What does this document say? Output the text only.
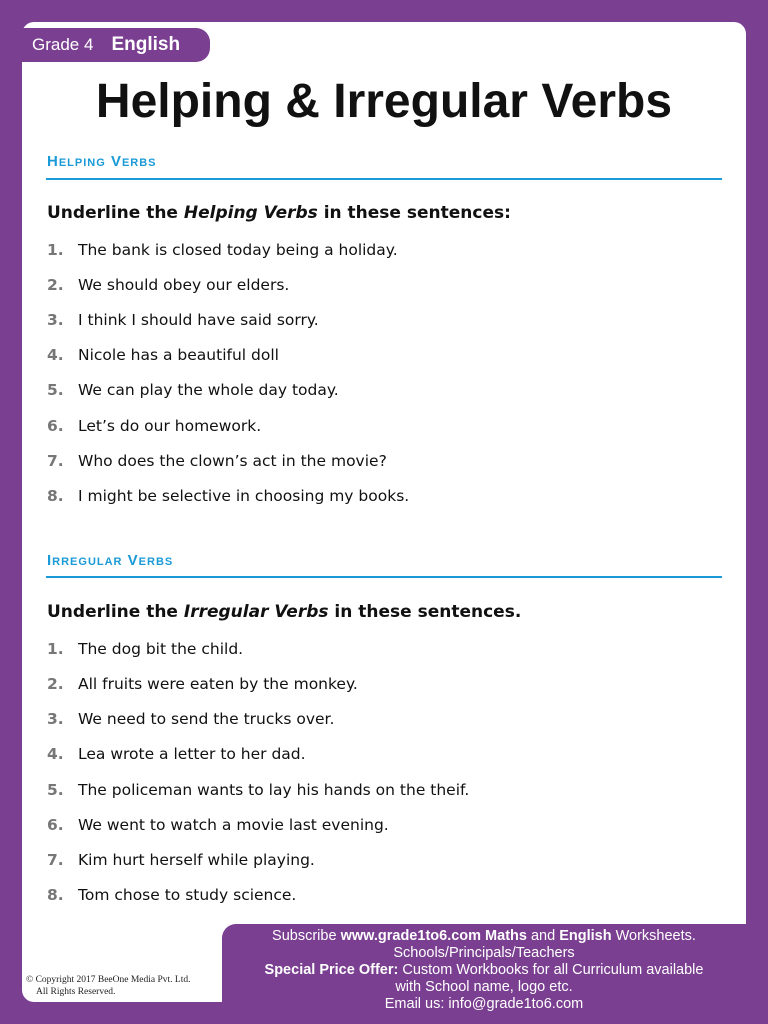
Grade 4 English
Helping & Irregular Verbs
Helping Verbs
Underline the Helping Verbs in these sentences:
1. The bank is closed today being a holiday.
2. We should obey our elders.
3. I think I should have said sorry.
4. Nicole has a beautiful doll
5. We can play the whole day today.
6. Let’s do our homework.
7. Who does the clown’s act in the movie?
8. I might be selective in choosing my books.
Irregular Verbs
Underline the Irregular Verbs in these sentences.
1. The dog bit the child.
2. All fruits were eaten by the monkey.
3. We need to send the trucks over.
4. Lea wrote a letter to her dad.
5. The policeman wants to lay his hands on the theif.
6. We went to watch a movie last evening.
7. Kim hurt herself while playing.
8. Tom chose to study science.
© Copyright 2017 BeeOne Media Pvt. Ltd.
All Rights Reserved.
Subscribe www.grade1to6.com Maths and English Worksheets.
Schools/Principals/Teachers
Special Price Offer: Custom Workbooks for all Curriculum available
with School name, logo etc.
Email us: info@grade1to6.com
